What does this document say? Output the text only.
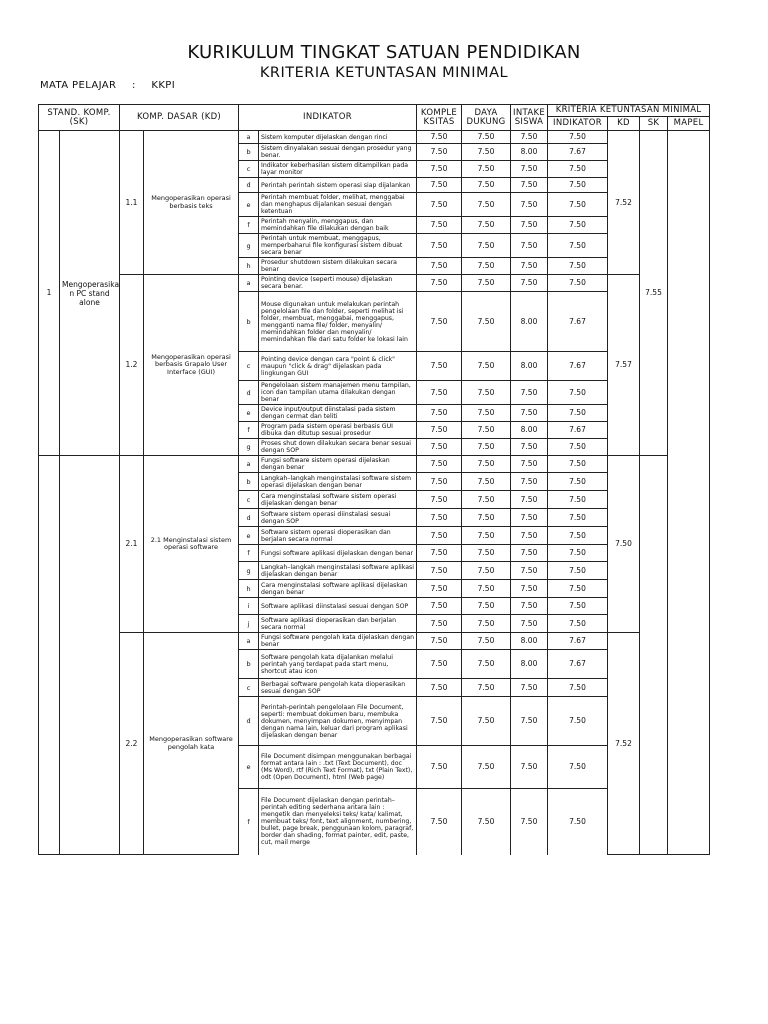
KURIKULUM TINGKAT SATUAN PENDIDIKAN
KRITERIA KETUNTASAN MINIMAL
MATA PELAJAR : KKPI
STAND. KOMP. (SK)		KOMP. DASAR (KD)		INDIKATOR		KOMPLE KSITAS	DAYA DUKUNG	INTAKE SISWA	KRITERIA KETUNTASAN MINIMAL			
									INDIKATOR	KD	SK	MAPEL
1	Mengoperasika n PC stand alone	1.1	Mengoperasikan operasi berbasis teks	a	Sistem komputer dijelaskan dengan rinci	7.50	7.50	7.50	7.50	7.52	7.55	
				b	Sistem dinyalakan sesuai dengan prosedur yang benar.	7.50	7.50	8.00	7.67			
				c	Indikator keberhasilan sistem ditampilkan pada layar monitor	7.50	7.50	7.50	7.50			
				d	Perintah perintah sistem operasi siap dijalankan	7.50	7.50	7.50	7.50			
				e	Perintah membuat folder, melihat, menggabai dan menghapus dijalankan sesuai dengan ketentuan	7.50	7.50	7.50	7.50			
				f	Perintah menyalin, menggapus, dan memindahkan file dilakukan dengan baik	7.50	7.50	7.50	7.50			
				g	Perintah untuk membuat, menggapus, memperbaharui file konfigurasi sistem dibuat secara benar	7.50	7.50	7.50	7.50			
				h	Prosedur shutdown sistem dilakukan secara benar	7.50	7.50	7.50	7.50			
		1.2	Mengoperasikan operasi berbasis Grapalo User Interface (GUI)	a	Pointing device (seperti mouse) dijelaskan secara benar.	7.50	7.50	7.50	7.50	7.57		
				b	Mouse digunakan untuk melakukan perintah pengelolaan file dan folder, seperti melihat isi folder, membuat, menggabai, menggapus, mengganti nama file/ folder, menyalin/ memindahkan folder dan menyalin/ memindahkan file dari satu folder ke lokasi lain	7.50	7.50	8.00	7.67			
				c	Pointing device dengan cara "point & click" maupun "click & drag" dijelaskan pada lingkungan GUI	7.50	7.50	8.00	7.67			
				d	Pengelolaan sistem manajemen menu tampilan, icon dan tampilan utama dilakukan dengan benar	7.50	7.50	7.50	7.50			
				e	Device input/output diinstalasi pada sistem dengan cermat dan teliti	7.50	7.50	7.50	7.50			
				f	Program pada sistem operasi berbasis GUI dibuka dan ditutup sesuai prosedur	7.50	7.50	8.00	7.67			
				g	Proses shut down dilakukan secara benar sesuai dengan SOP	7.50	7.50	7.50	7.50			
		2.1	2.1 Menginstalasi sistem operasi software	a	Fungsi software sistem operasi dijelaskan dengan benar	7.50	7.50	7.50	7.50	7.50		
				b	Langkah–langkah menginstalasi software sistem operasi dijelaskan dengan benar	7.50	7.50	7.50	7.50			
				c	Cara menginstalasi software sistem operasi dijelaskan dengan benar	7.50	7.50	7.50	7.50			
				d	Software sistem operasi diinstalasi sesuai dengan SOP	7.50	7.50	7.50	7.50			
				e	Software sistem operasi dioperasikan dan berjalan secara normal	7.50	7.50	7.50	7.50			
				f	Fungsi software aplikasi dijelaskan dengan benar	7.50	7.50	7.50	7.50			
				g	Langkah–langkah menginstalasi software aplikasi dijelaskan dengan benar	7.50	7.50	7.50	7.50			
				h	Cara menginstalasi software aplikasi dijelaskan dengan benar	7.50	7.50	7.50	7.50			
				i	Software aplikasi diinstalasi sesuai dengan SOP	7.50	7.50	7.50	7.50			
				j	Software aplikasi dioperasikan dan berjalan secara normal	7.50	7.50	7.50	7.50			
		2.2	Mengoperasikan software pengolah kata	a	Fungsi software pengolah kata dijelaskan dengan benar	7.50	7.50	8.00	7.67	7.52		
				b	Software pengolah kata dijalankan melalui perintah yang terdapat pada start menu, shortcut atau icon	7.50	7.50	8.00	7.67			
				c	Berbagai software pengolah kata dioperasikan sesuai dengan SOP	7.50	7.50	7.50	7.50			
				d	Perintah-perintah pengelolaan File Document, seperti: membuat dokumen baru, membuka dokumen, menyimpan dokumen, menyimpan dengan nama lain, keluar dari program aplikasi dijelaskan dengan benar	7.50	7.50	7.50	7.50			
				e	File Document disimpan menggunakan berbagai format antara lain : .txt (Text Document), doc (Ms Word), rtf (Rich Text Format), txt (Plain Text), odt (Open Document), html (Web page)	7.50	7.50	7.50	7.50			
				f	File Document dijelaskan dengan perintah–perintah editing sederhana antara lain : mengetik dan menyeleksi teks/ kata/ kalimat, membuat teks/ font, text alignment, numbering, bullet, page break, penggunaan kolom, paragraf, border dan shading, format painter, edit, paste, cut, mail merge	7.50	7.50	7.50	7.50			
